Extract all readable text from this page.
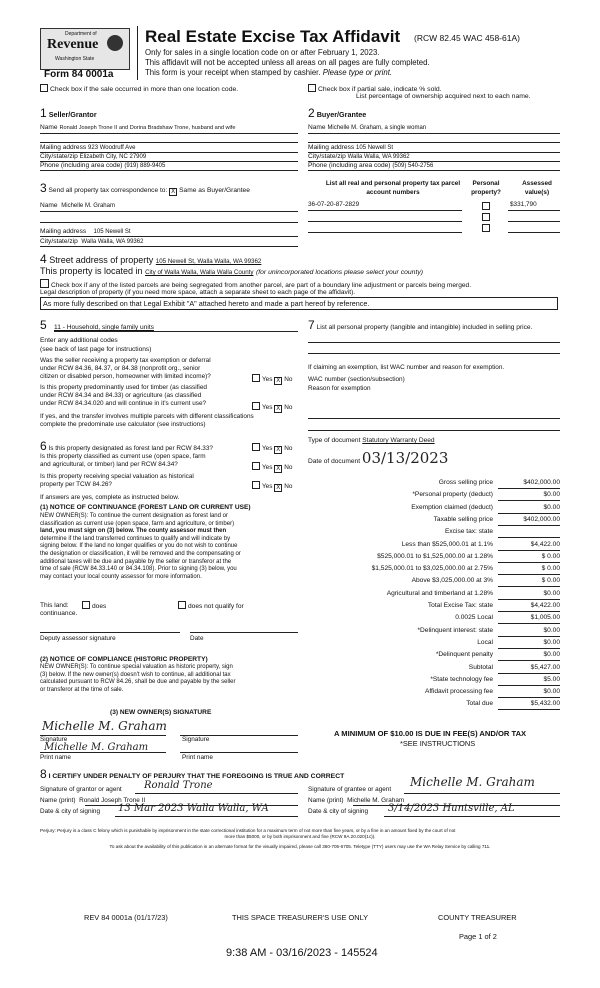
Department of
Revenue
Washington State
Form 84 0001a
Real Estate Excise Tax Affidavit (RCW 82.45 WAC 458-61A)
Only for sales in a single location code on or after February 1, 2023.
This affidavit will not be accepted unless all areas on all pages are fully completed.
This form is your receipt when stamped by cashier. Please type or print.
Check box if the sale occurred in more than one location code.	Check box if partial sale, indicate % sold.
List percentage of ownership acquired next to each name.
1 Seller/Grantor
Name Ronald Joseph Trone II and Dorina Bradshaw Trone, husband and wife
Mailing address 923 Woodruff Ave
City/state/zip Elizabeth City, NC 27909
Phone (including area code) (919) 889-9405
2 Buyer/Grantee
Name Michelle M. Graham, a single woman
Mailing address 105 Newell St
City/state/zip Walla Walla, WA 99362
Phone (including area code) (509) 540-2756
3 Send all property tax correspondence to: X Same as Buyer/Grantee
Name Michelle M. Graham
Mailing address 105 Newell St
City/state/zip Walla Walla, WA 99362
List all real and personal property tax parcel account numbers
Personal property?
Assessed value(s)
36-07-20-87-2829	$331,790
4 Street address of property 105 Newell St, Walla Walla, WA 99362
This property is located in City of Walla Walla, Walla Walla County (for unincorporated locations please select your county)
Check box if any of the listed parcels are being segregated from another parcel, are part of a boundary line adjustment or parcels being merged.
Legal description of property (if you need more space, attach a separate sheet to each page of the affidavit).
As more fully described on that Legal Exhibit "A" attached hereto and made a part hereof by reference.
5 11 - Household, single family units
Enter any additional codes
(see back of last page for instructions)
Was the seller receiving a property tax exemption or deferral
under RCW 84.36, 84.37, or 84.38 (nonprofit org., senior
citizen or disabled person, homeowner with limited income)?	Yes X No
Is this property predominantly used for timber (as classified
under RCW 84.34 and 84.33) or agriculture (as classified
under RCW 84.34.020 and will continue in it's current use?
Yes X No
If yes, and the transfer involves multiple parcels with different classifications
complete the predominate use calculator (see instructions)
6 Is this property designated as forest land per RCW 84.33?	Yes X No
Is this property classified as current use (open space, farm
and agricultural, or timber) land per RCW 84.34?	Yes X No
Is this property receiving special valuation as historical
property per TCW 84.26?	Yes X No
If answers are yes, complete as instructed below.
(1) NOTICE OF CONTINUANCE (FOREST LAND OR CURRENT USE)
NEW OWNER(S): To continue the current designation as forest land or
classification as current use (open space, farm and agriculture, or timber)
land, you must sign on (3) below. The county assessor must then
determine if the land transferred continues to qualify and will indicate by
signing below. If the land no longer qualifies or you do not wish to continue
the designation or classification, it will be removed and the compensating or
additional taxes will be due and payable by the seller or transferor at the
time of sale (RCW 84.33.140 or 84.34.108). Prior to signing (3) below, you
may contact your local county assessor for more information.
This land:
continuance.
does	does not qualify for
Deputy assessor signature	Date
(2) NOTICE OF COMPLIANCE (HISTORIC PROPERTY)
NEW OWNER(S): To continue special valuation as historic property, sign
(3) below. If the new owner(s) doesn't wish to continue, all additional tax
calculated pursuant to RCW 84.26, shall be due and payable by the seller
or transferor at the time of sale.
(3) NEW OWNER(S) SIGNATURE
Michelle M. Graham
Signature	Signature
Michelle M. Graham
Print name	Print name
7 List all personal property (tangible and intangible) included in selling price.
If claiming an exemption, list WAC number and reason for exemption.
WAC number (section/subsection)
Reason for exemption
Type of document Statutory Warranty Deed
Date of document 03/13/2023
Gross selling price	$402,000.00
*Personal property (deduct)	$0.00
Exemption claimed (deduct)	$0.00
Taxable selling price	$402,000.00
Excise tax: state
Less than $525,000.01 at 1.1%	$4,422.00
$525,000.01 to $1,525,000.00 at 1.28%	$ 0.00
$1,525,000.01 to $3,025,000.00 at 2.75%	$ 0.00
Above $3,025,000.00 at 3%	$ 0.00
Agricultural and timberland at 1.28%	$0.00
Total Excise Tax: state	$4,422.00
0.0025 Local	$1,005.00
*Delinquent interest: state	$0.00
Local	$0.00
*Delinquent penalty	$0.00
Subtotal	$5,427.00
*State technology fee	$5.00
Affidavit processing fee	$0.00
Total due	$5,432.00
A MINIMUM OF $10.00 IS DUE IN FEE(S) AND/OR TAX
*SEE INSTRUCTIONS
8 I CERTIFY UNDER PENALTY OF PERJURY THAT THE FOREGOING IS TRUE AND CORRECT
Signature of grantor or agent Ronald Trone
Name (print) Ronald Joseph Trone II
Date & city of signing 13 Mar 2023 Walla Walla, WA
Signature of grantee or agent
Michelle M. Graham
Name (print) Michelle M. Graham
Date & city of signing 3/14/2023 Huntsville, AL
Perjury: Perjury is a class C felony which is punishable by imprisonment in the state correctional institution for a maximum term of not more than five years, or by a fine in an amount fixed by the court of not
more than $5000, or by both imprisonment and fine (RCW 9A.20.020(1c)).
To ask about the availability of this publication in an alternate format for the visually impaired, please call 360-705-6705. Teletype (TTY) users may use the WA Relay Service by calling 711.
REV 84 0001a (01/17/23)	THIS SPACE TREASURER'S USE ONLY	COUNTY TREASURER
Page 1 of 2
9:38 AM - 03/16/2023 - 145524
